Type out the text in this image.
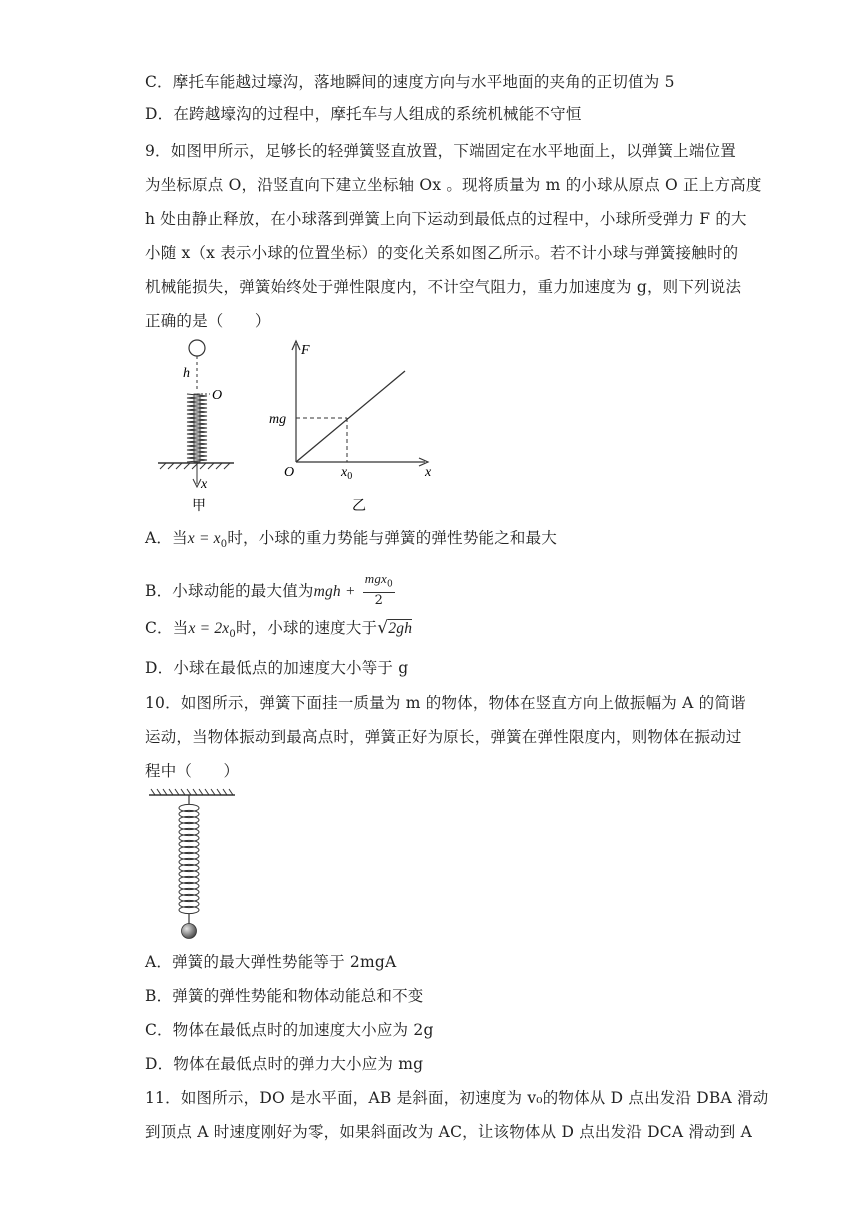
C．摩托车能越过壕沟，落地瞬间的速度方向与水平地面的夹角的正切值为 5
D．在跨越壕沟的过程中，摩托车与人组成的系统机械能不守恒
9．如图甲所示，足够长的轻弹簧竖直放置，下端固定在水平地面上，以弹簧上端位置
为坐标原点 O，沿竖直向下建立坐标轴 Ox 。现将质量为 m 的小球从原点 O 正上方高度
h 处由静止释放，在小球落到弹簧上向下运动到最低点的过程中，小球所受弹力 F 的大
小随 x（x 表示小球的位置坐标）的变化关系如图乙所示。若不计小球与弹簧接触时的
机械能损失，弹簧始终处于弹性限度内，不计空气阻力，重力加速度为 g，则下列说法
正确的是（　　）
h
O
x
甲
F
x
O
mg
$x_0$
乙
A．当$x = x_0$时，小球的重力势能与弹簧的弹性势能之和最大
B．小球动能的最大值为mgh +
mgx$_0$
2
C．当$x = 2x_0$时，小球的速度大于√2gh
D．小球在最低点的加速度大小等于 g
10．如图所示，弹簧下面挂一质量为 m 的物体，物体在竖直方向上做振幅为 A 的简谐
运动，当物体振动到最高点时，弹簧正好为原长，弹簧在弹性限度内，则物体在振动过
程中（　　）
A．弹簧的最大弹性势能等于 2mgA
B．弹簧的弹性势能和物体动能总和不变
C．物体在最低点时的加速度大小应为 2g
D．物体在最低点时的弹力大小应为 mg
11．如图所示，DO 是水平面，AB 是斜面，初速度为 v₀的物体从 D 点出发沿 DBA 滑动
到顶点 A 时速度刚好为零，如果斜面改为 AC，让该物体从 D 点出发沿 DCA 滑动到 A
